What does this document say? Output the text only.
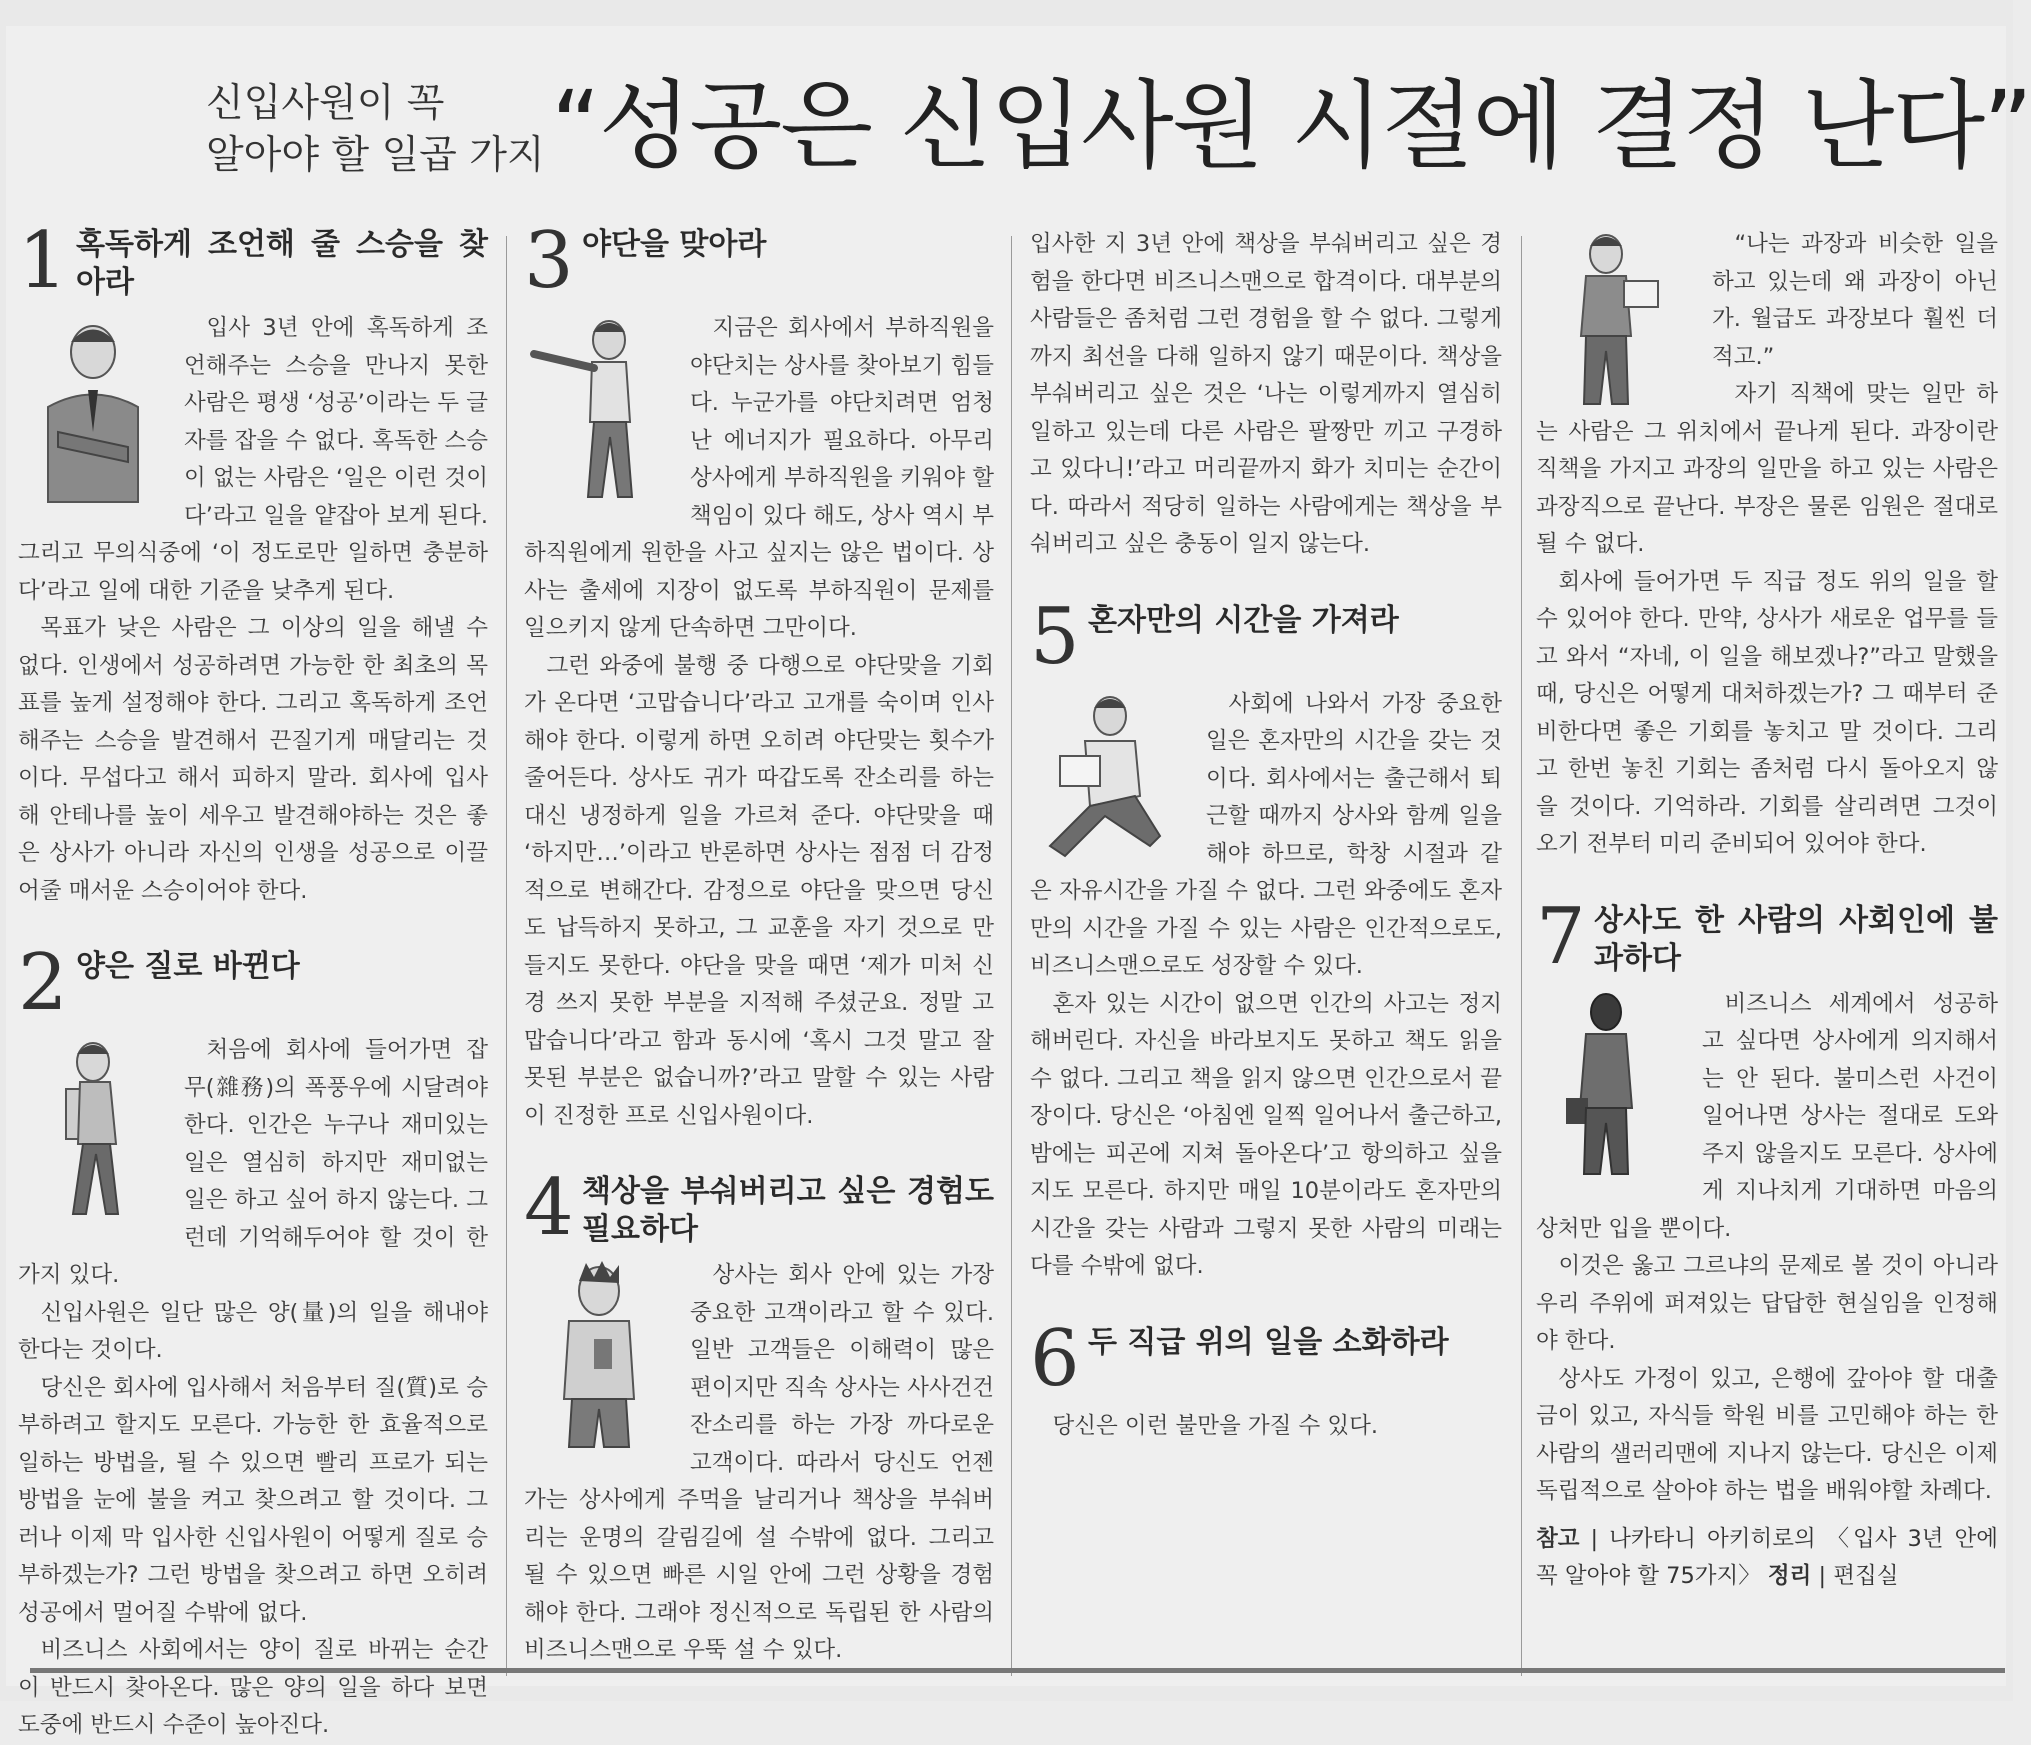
신입사원이 꼭
알아야 할 일곱 가지 “성공은 신입사원 시절에 결정 난다”
1 혹독하게 조언해 줄 스승을 찾아라

입사 3년 안에 혹독하게 조언해주는 스승을 만나지 못한 사람은 평생 ‘성공’이라는 두 글자를 잡을 수 없다. 혹독한 스승이 없는 사람은 ‘일은 이런 것이다’라고 일을 얕잡아 보게 된다. 그리고 무의식중에 ‘이 정도로만 일하면 충분하다’라고 일에 대한 기준을 낮추게 된다.

목표가 낮은 사람은 그 이상의 일을 해낼 수 없다. 인생에서 성공하려면 가능한 한 최초의 목표를 높게 설정해야 한다. 그리고 혹독하게 조언해주는 스승을 발견해서 끈질기게 매달리는 것이다. 무섭다고 해서 피하지 말라. 회사에 입사해 안테나를 높이 세우고 발견해야하는 것은 좋은 상사가 아니라 자신의 인생을 성공으로 이끌어줄 매서운 스승이어야 한다.

2 양은 질로 바뀐다

처음에 회사에 들어가면 잡무(雜務)의 폭풍우에 시달려야 한다. 인간은 누구나 재미있는 일은 열심히 하지만 재미없는 일은 하고 싶어 하지 않는다. 그런데 기억해두어야 할 것이 한 가지 있다.

신입사원은 일단 많은 양(量)의 일을 해내야 한다는 것이다.

당신은 회사에 입사해서 처음부터 질(質)로 승부하려고 할지도 모른다. 가능한 한 효율적으로 일하는 방법을, 될 수 있으면 빨리 프로가 되는 방법을 눈에 불을 켜고 찾으려고 할 것이다. 그러나 이제 막 입사한 신입사원이 어떻게 질로 승부하겠는가? 그런 방법을 찾으려고 하면 오히려 성공에서 멀어질 수밖에 없다.

비즈니스 사회에서는 양이 질로 바뀌는 순간이 반드시 찾아온다. 많은 양의 일을 하다 보면 도중에 반드시 수준이 높아진다.

3 야단을 맞아라

지금은 회사에서 부하직원을 야단치는 상사를 찾아보기 힘들다. 누군가를 야단치려면 엄청난 에너지가 필요하다. 아무리 상사에게 부하직원을 키워야 할 책임이 있다 해도, 상사 역시 부하직원에게 원한을 사고 싶지는 않은 법이다. 상사는 출세에 지장이 없도록 부하직원이 문제를 일으키지 않게 단속하면 그만이다.

그런 와중에 불행 중 다행으로 야단맞을 기회가 온다면 ‘고맙습니다’라고 고개를 숙이며 인사해야 한다. 이렇게 하면 오히려 야단맞는 횟수가 줄어든다. 상사도 귀가 따갑도록 잔소리를 하는 대신 냉정하게 일을 가르쳐 준다. 야단맞을 때 ‘하지만…’이라고 반론하면 상사는 점점 더 감정적으로 변해간다. 감정으로 야단을 맞으면 당신도 납득하지 못하고, 그 교훈을 자기 것으로 만들지도 못한다. 야단을 맞을 때면 ‘제가 미처 신경 쓰지 못한 부분을 지적해 주셨군요. 정말 고맙습니다’라고 함과 동시에 ‘혹시 그것 말고 잘못된 부분은 없습니까?’라고 말할 수 있는 사람이 진정한 프로 신입사원이다.

4 책상을 부숴버리고 싶은 경험도 필요하다

상사는 회사 안에 있는 가장 중요한 고객이라고 할 수 있다. 일반 고객들은 이해력이 많은 편이지만 직속 상사는 사사건건 잔소리를 하는 가장 까다로운 고객이다. 따라서 당신도 언젠가는 상사에게 주먹을 날리거나 책상을 부숴버리는 운명의 갈림길에 설 수밖에 없다. 그리고 될 수 있으면 빠른 시일 안에 그런 상황을 경험해야 한다. 그래야 정신적으로 독립된 한 사람의 비즈니스맨으로 우뚝 설 수 있다.

입사한 지 3년 안에 책상을 부숴버리고 싶은 경험을 한다면 비즈니스맨으로 합격이다. 대부분의 사람들은 좀처럼 그런 경험을 할 수 없다. 그렇게까지 최선을 다해 일하지 않기 때문이다. 책상을 부숴버리고 싶은 것은 ‘나는 이렇게까지 열심히 일하고 있는데 다른 사람은 팔짱만 끼고 구경하고 있다니!’라고 머리끝까지 화가 치미는 순간이다. 따라서 적당히 일하는 사람에게는 책상을 부숴버리고 싶은 충동이 일지 않는다.

5 혼자만의 시간을 가져라

사회에 나와서 가장 중요한 일은 혼자만의 시간을 갖는 것이다. 회사에서는 출근해서 퇴근할 때까지 상사와 함께 일을 해야 하므로, 학창 시절과 같은 자유시간을 가질 수 없다. 그런 와중에도 혼자만의 시간을 가질 수 있는 사람은 인간적으로도, 비즈니스맨으로도 성장할 수 있다.

혼자 있는 시간이 없으면 인간의 사고는 정지해버린다. 자신을 바라보지도 못하고 책도 읽을 수 없다. 그리고 책을 읽지 않으면 인간으로서 끝장이다. 당신은 ‘아침엔 일찍 일어나서 출근하고, 밤에는 피곤에 지쳐 돌아온다’고 항의하고 싶을지도 모른다. 하지만 매일 10분이라도 혼자만의 시간을 갖는 사람과 그렇지 못한 사람의 미래는 다를 수밖에 없다.

6 두 직급 위의 일을 소화하라

당신은 이런 불만을 가질 수 있다.

“나는 과장과 비슷한 일을 하고 있는데 왜 과장이 아닌가. 월급도 과장보다 훨씬 더 적고.”

자기 직책에 맞는 일만 하는 사람은 그 위치에서 끝나게 된다. 과장이란 직책을 가지고 과장의 일만을 하고 있는 사람은 과장직으로 끝난다. 부장은 물론 임원은 절대로 될 수 없다.

회사에 들어가면 두 직급 정도 위의 일을 할 수 있어야 한다. 만약, 상사가 새로운 업무를 들고 와서 “자네, 이 일을 해보겠나?”라고 말했을 때, 당신은 어떻게 대처하겠는가? 그 때부터 준비한다면 좋은 기회를 놓치고 말 것이다. 그리고 한번 놓친 기회는 좀처럼 다시 돌아오지 않을 것이다. 기억하라. 기회를 살리려면 그것이 오기 전부터 미리 준비되어 있어야 한다.

7 상사도 한 사람의 사회인에 불과하다

비즈니스 세계에서 성공하고 싶다면 상사에게 의지해서는 안 된다. 불미스런 사건이 일어나면 상사는 절대로 도와주지 않을지도 모른다. 상사에게 지나치게 기대하면 마음의 상처만 입을 뿐이다.

이것은 옳고 그르냐의 문제로 볼 것이 아니라 우리 주위에 퍼져있는 답답한 현실임을 인정해야 한다.

상사도 가정이 있고, 은행에 갚아야 할 대출금이 있고, 자식들 학원 비를 고민해야 하는 한 사람의 샐러리맨에 지나지 않는다. 당신은 이제 독립적으로 살아야 하는 법을 배워야할 차례다.

참고 | 나카타니 아키히로의 〈입사 3년 안에 꼭 알아야 할 75가지〉 정리 | 편집실
